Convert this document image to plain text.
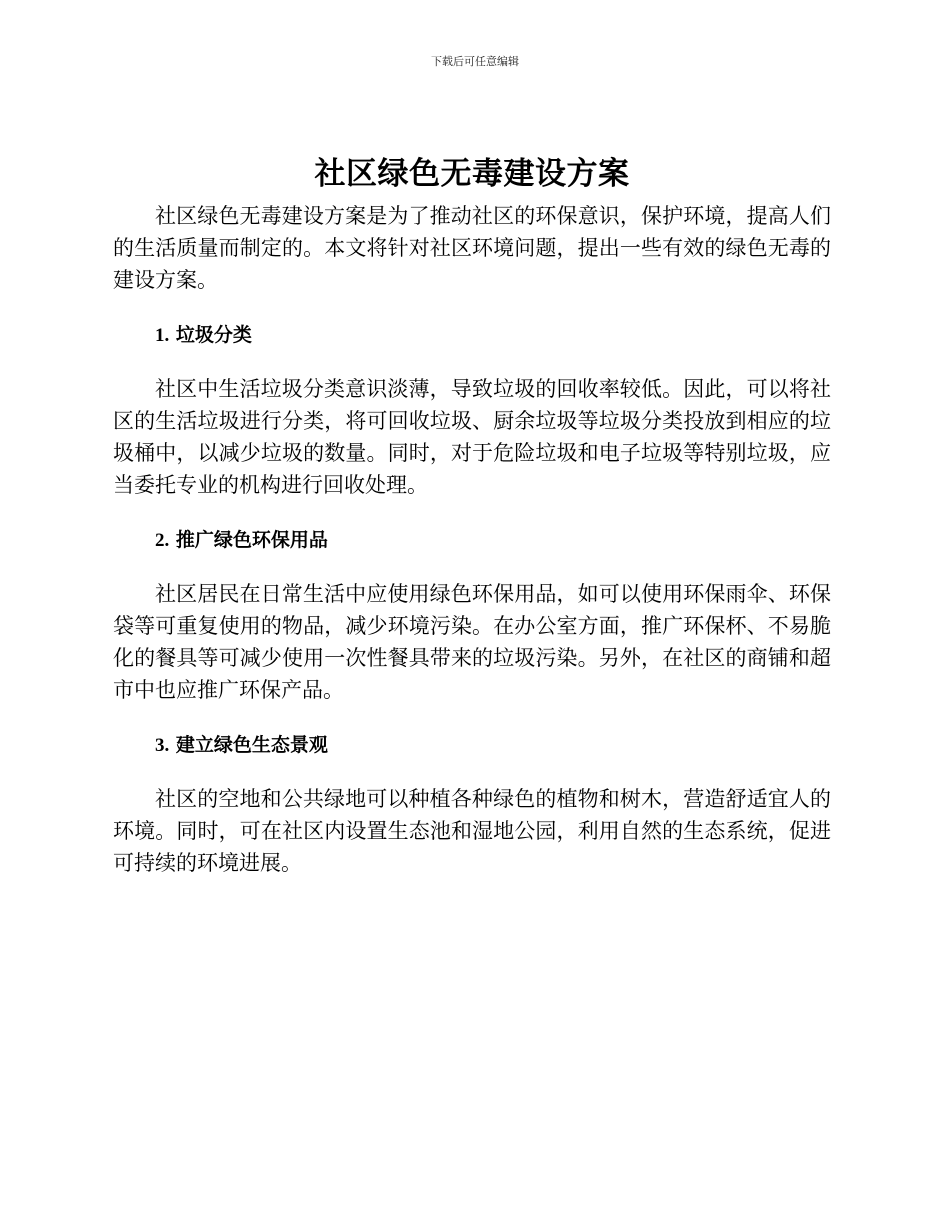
下载后可任意编辑
社区绿色无毒建设方案

社区绿色无毒建设方案是为了推动社区的环保意识，保护环境，提高人们的生活质量而制定的。本文将针对社区环境问题，提出一些有效的绿色无毒的建设方案。

1. 垃圾分类

社区中生活垃圾分类意识淡薄，导致垃圾的回收率较低。因此，可以将社区的生活垃圾进行分类，将可回收垃圾、厨余垃圾等垃圾分类投放到相应的垃圾桶中，以减少垃圾的数量。同时，对于危险垃圾和电子垃圾等特别垃圾，应当委托专业的机构进行回收处理。

2. 推广绿色环保用品

社区居民在日常生活中应使用绿色环保用品，如可以使用环保雨伞、环保袋等可重复使用的物品，减少环境污染。在办公室方面，推广环保杯、不易脆化的餐具等可减少使用一次性餐具带来的垃圾污染。另外，在社区的商铺和超市中也应推广环保产品。

3. 建立绿色生态景观

社区的空地和公共绿地可以种植各种绿色的植物和树木，营造舒适宜人的环境。同时，可在社区内设置生态池和湿地公园，利用自然的生态系统，促进可持续的环境进展。
